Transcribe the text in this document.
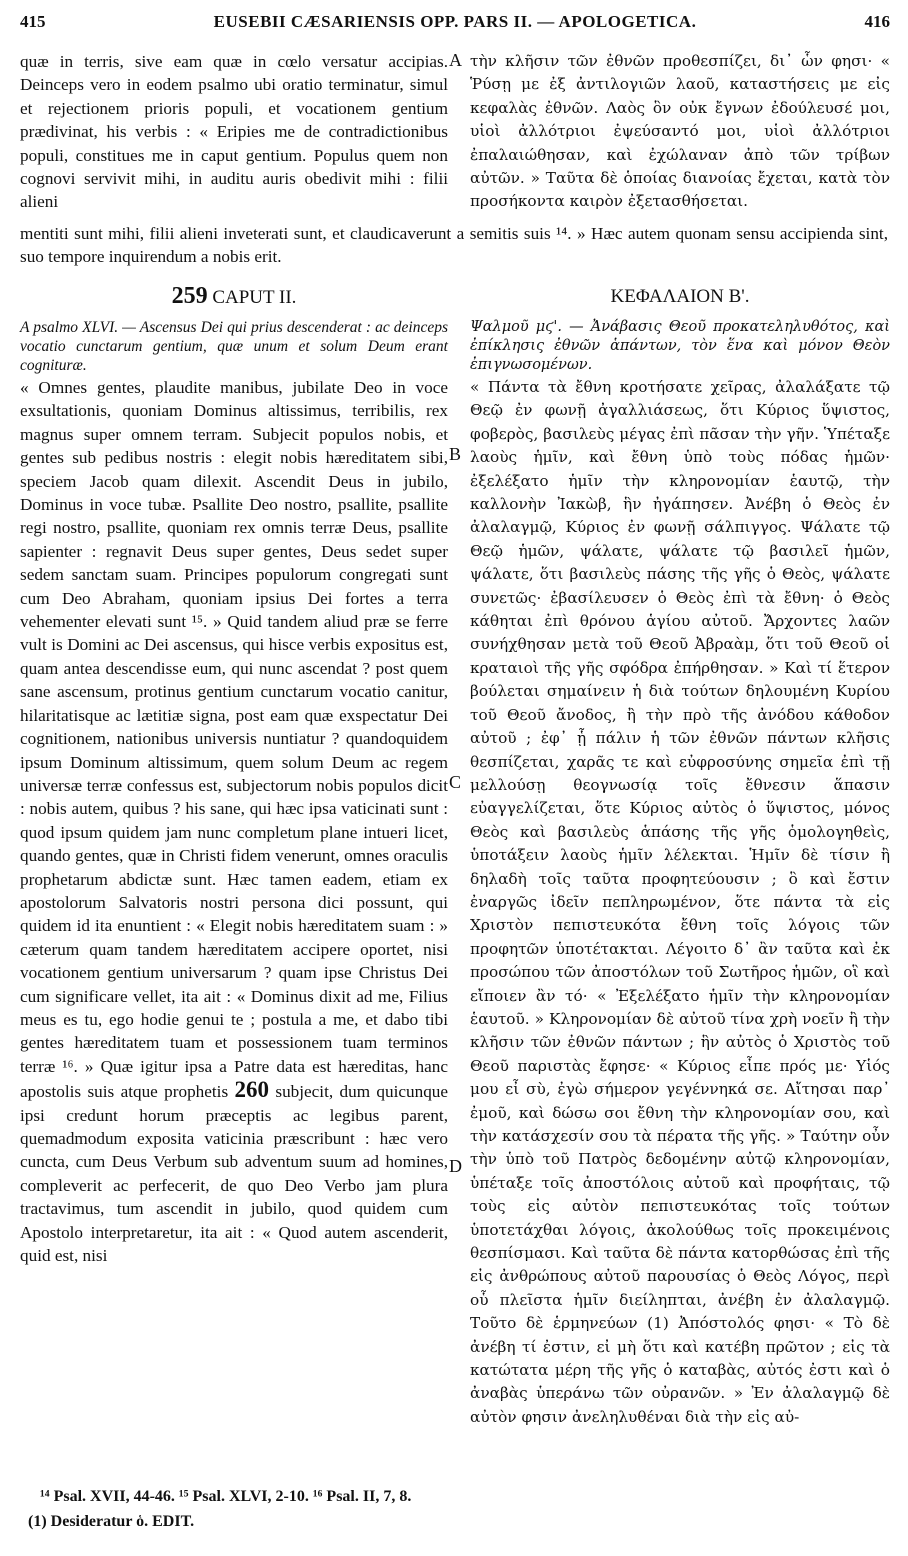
415	EUSEBII CÆSARIENSIS OPP. PARS II. — APOLOGETICA.	416
quæ in terris, sive eam quæ in cœlo versatur accipias. Deinceps vero in eodem psalmo ubi oratio terminatur, simul et rejectionem prioris populi, et vocationem gentium prædivinat, his verbis : « Eripies me de contradictionibus populi, constitues me in caput gentium. Populus quem non cognovi servivit mihi, in auditu auris obedivit mihi : filii alieni
τὴν κλῆσιν τῶν ἐθνῶν προθεσπίζει, δι᾽ ὧν φησι· « Ῥύσῃ με ἐξ ἀντιλογιῶν λαοῦ, καταστήσεις με εἰς κεφαλὰς ἐθνῶν. Λαὸς ὃν οὐκ ἔγνων ἐδούλευσέ μοι, υἱοὶ ἀλλότριοι ἐψεύσαντό μοι, υἱοὶ ἀλλότριοι ἐπαλαιώθησαν, καὶ ἐχώλαναν ἀπὸ τῶν τρίβων αὐτῶν. » Ταῦτα δὲ ὁποίας διανοίας ἔχεται, κατὰ τὸν προσήκοντα καιρὸν ἐξετασθήσεται.
mentiti sunt mihi, filii alieni inveterati sunt, et claudicaverunt a semitis suis ¹⁴. » Hæc autem quonam sensu accipienda sint, suo tempore inquirendum a nobis erit.
A
B
C
D
259 CAPUT II.	ΚΕΦΑΛΑΙΟΝ Β'.
A psalmo XLVI. — Ascensus Dei qui prius descenderat : ac deinceps vocatio cunctarum gentium, quæ unum et solum Deum erant cognituræ.
Ψαλμοῦ μϛ'. — Ἀνάβασις Θεοῦ προκατεληλυθότος, καὶ ἐπίκλησις ἐθνῶν ἁπάντων, τὸν ἕνα καὶ μόνον Θεὸν ἐπιγνωσομένων.

« Omnes gentes, plaudite manibus, jubilate Deo in voce exsultationis, quoniam Dominus altissimus, terribilis, rex magnus super omnem terram. Subjecit populos nobis, et gentes sub pedibus nostris : elegit nobis hæreditatem sibi, speciem Jacob quam dilexit. Ascendit Deus in jubilo, Dominus in voce tubæ. Psallite Deo nostro, psallite, psallite regi nostro, psallite, quoniam rex omnis terræ Deus, psallite sapienter : regnavit Deus super gentes, Deus sedet super sedem sanctam suam. Principes populorum congregati sunt cum Deo Abraham, quoniam ipsius Dei fortes a terra vehementer elevati sunt ¹⁵. » Quid tandem aliud præ se ferre vult is Domini ac Dei ascensus, qui hisce verbis expositus est, quam antea descendisse eum, qui nunc ascendat ? post quem sane ascensum, protinus gentium cunctarum vocatio canitur, hilaritatisque ac lætitiæ signa, post eam quæ exspectatur Dei cognitionem, nationibus universis nuntiatur ? quandoquidem ipsum Dominum altissimum, quem solum Deum ac regem universæ terræ confessus est, subjectorum nobis populos dicit : nobis autem, quibus ? his sane, qui hæc ipsa vaticinati sunt : quod ipsum quidem jam nunc completum plane intueri licet, quando gentes, quæ in Christi fidem venerunt, omnes oraculis prophetarum abdictæ sunt. Hæc tamen eadem, etiam ex apostolorum Salvatoris nostri persona dici possunt, qui quidem id ita enuntient : « Elegit nobis hæreditatem suam : » cæterum quam tandem hæreditatem accipere oportet, nisi vocationem gentium universarum ? quam ipse Christus Dei cum significare vellet, ita ait : « Dominus dixit ad me, Filius meus es tu, ego hodie genui te ; postula a me, et dabo tibi gentes hæreditatem tuam et possessionem tuam terminos terræ ¹⁶. » Quæ igitur ipsa a Patre data est hæreditas, hanc apostolis suis atque prophetis 260 subjecit, dum quicunque ipsi credunt horum præceptis ac legibus parent, quemadmodum exposita vaticinia præscribunt : hæc vero cuncta, cum Deus Verbum sub adventum suum ad homines, compleverit ac perfecerit, de quo Deo Verbo jam plura tractavimus, tum ascendit in jubilo, quod quidem cum Apostolo interpretaretur, ita ait : « Quod autem ascenderit, quid est, nisi

« Πάντα τὰ ἔθνη κροτήσατε χεῖρας, ἀλαλάξατε τῷ Θεῷ ἐν φωνῇ ἀγαλλιάσεως, ὅτι Κύριος ὕψιστος, φοβερὸς, βασιλεὺς μέγας ἐπὶ πᾶσαν τὴν γῆν. Ὑπέταξε λαοὺς ἡμῖν, καὶ ἔθνη ὑπὸ τοὺς πόδας ἡμῶν· ἐξελέξατο ἡμῖν τὴν κληρονομίαν ἑαυτῷ, τὴν καλλονὴν Ἰακὼβ, ἣν ἠγάπησεν. Ἀνέβη ὁ Θεὸς ἐν ἀλαλαγμῷ, Κύριος ἐν φωνῇ σάλπιγγος. Ψάλατε τῷ Θεῷ ἡμῶν, ψάλατε, ψάλατε τῷ βασιλεῖ ἡμῶν, ψάλατε, ὅτι βασιλεὺς πάσης τῆς γῆς ὁ Θεὸς, ψάλατε συνετῶς· ἐβασίλευσεν ὁ Θεὸς ἐπὶ τὰ ἔθνη· ὁ Θεὸς κάθηται ἐπὶ θρόνου ἁγίου αὐτοῦ. Ἄρχοντες λαῶν συνήχθησαν μετὰ τοῦ Θεοῦ Ἀβραὰμ, ὅτι τοῦ Θεοῦ οἱ κραταιοὶ τῆς γῆς σφόδρα ἐπήρθησαν. » Καὶ τί ἕτερον βούλεται σημαίνειν ἡ διὰ τούτων δηλουμένη Κυρίου τοῦ Θεοῦ ἄνοδος, ἢ τὴν πρὸ τῆς ἀνόδου κάθοδον αὐτοῦ ; ἐφ᾽ ᾗ πάλιν ἡ τῶν ἐθνῶν πάντων κλῆσις θεσπίζεται, χαρᾶς τε καὶ εὐφροσύνης σημεῖα ἐπὶ τῇ μελλούσῃ θεογνωσίᾳ τοῖς ἔθνεσιν ἅπασιν εὐαγγελίζεται, ὅτε Κύριος αὐτὸς ὁ ὕψιστος, μόνος Θεὸς καὶ βασιλεὺς ἁπάσης τῆς γῆς ὁμολογηθεὶς, ὑποτάξειν λαοὺς ἡμῖν λέλεκται. Ἡμῖν δὲ τίσιν ἢ δηλαδὴ τοῖς ταῦτα προφητεύουσιν ; ὃ καὶ ἔστιν ἐναργῶς ἰδεῖν πεπληρωμένον, ὅτε πάντα τὰ εἰς Χριστὸν πεπιστευκότα ἔθνη τοῖς λόγοις τῶν προφητῶν ὑποτέτακται. Λέγοιτο δ᾽ ἂν ταῦτα καὶ ἐκ προσώπου τῶν ἀποστόλων τοῦ Σωτῆρος ἡμῶν, οἳ καὶ εἴποιεν ἂν τό· « Ἐξελέξατο ἡμῖν τὴν κληρονομίαν ἑαυτοῦ. » Κληρονομίαν δὲ αὐτοῦ τίνα χρὴ νοεῖν ἢ τὴν κλῆσιν τῶν ἐθνῶν πάντων ; ἣν αὐτὸς ὁ Χριστὸς τοῦ Θεοῦ παριστὰς ἔφησε· « Κύριος εἶπε πρός με· Υἱός μου εἶ σὺ, ἐγὼ σήμερον γεγέννηκά σε. Αἴτησαι παρ᾽ ἐμοῦ, καὶ δώσω σοι ἔθνη τὴν κληρονομίαν σου, καὶ τὴν κατάσχεσίν σου τὰ πέρατα τῆς γῆς. » Ταύτην οὖν τὴν ὑπὸ τοῦ Πατρὸς δεδομένην αὐτῷ κληρονομίαν, ὑπέταξε τοῖς ἀποστόλοις αὐτοῦ καὶ προφήταις, τῷ τοὺς εἰς αὐτὸν πεπιστευκότας τοῖς τούτων ὑποτετάχθαι λόγοις, ἀκολούθως τοῖς προκειμένοις θεσπίσμασι. Καὶ ταῦτα δὲ πάντα κατορθώσας ἐπὶ τῆς εἰς ἀνθρώπους αὐτοῦ παρουσίας ὁ Θεὸς Λόγος, περὶ οὗ πλεῖστα ἡμῖν διείληπται, ἀνέβη ἐν ἀλαλαγμῷ. Τοῦτο δὲ ἑρμηνεύων (1) Ἀπόστολός φησι· « Τὸ δὲ ἀνέβη τί ἐστιν, εἰ μὴ ὅτι καὶ κατέβη πρῶτον ; εἰς τὰ κατώτατα μέρη τῆς γῆς ὁ καταβὰς, αὐτός ἐστι καὶ ὁ ἀναβὰς ὑπεράνω τῶν οὐρανῶν. » Ἐν ἀλαλαγμῷ δὲ αὐτὸν φησιν ἀνεληλυθέναι διὰ τὴν εἰς αὐ-
¹⁴ Psal. XVII, 44-46. ¹⁵ Psal. XLVI, 2-10. ¹⁶ Psal. II, 7, 8.
(1) Desideratur ὁ. EDIT.
